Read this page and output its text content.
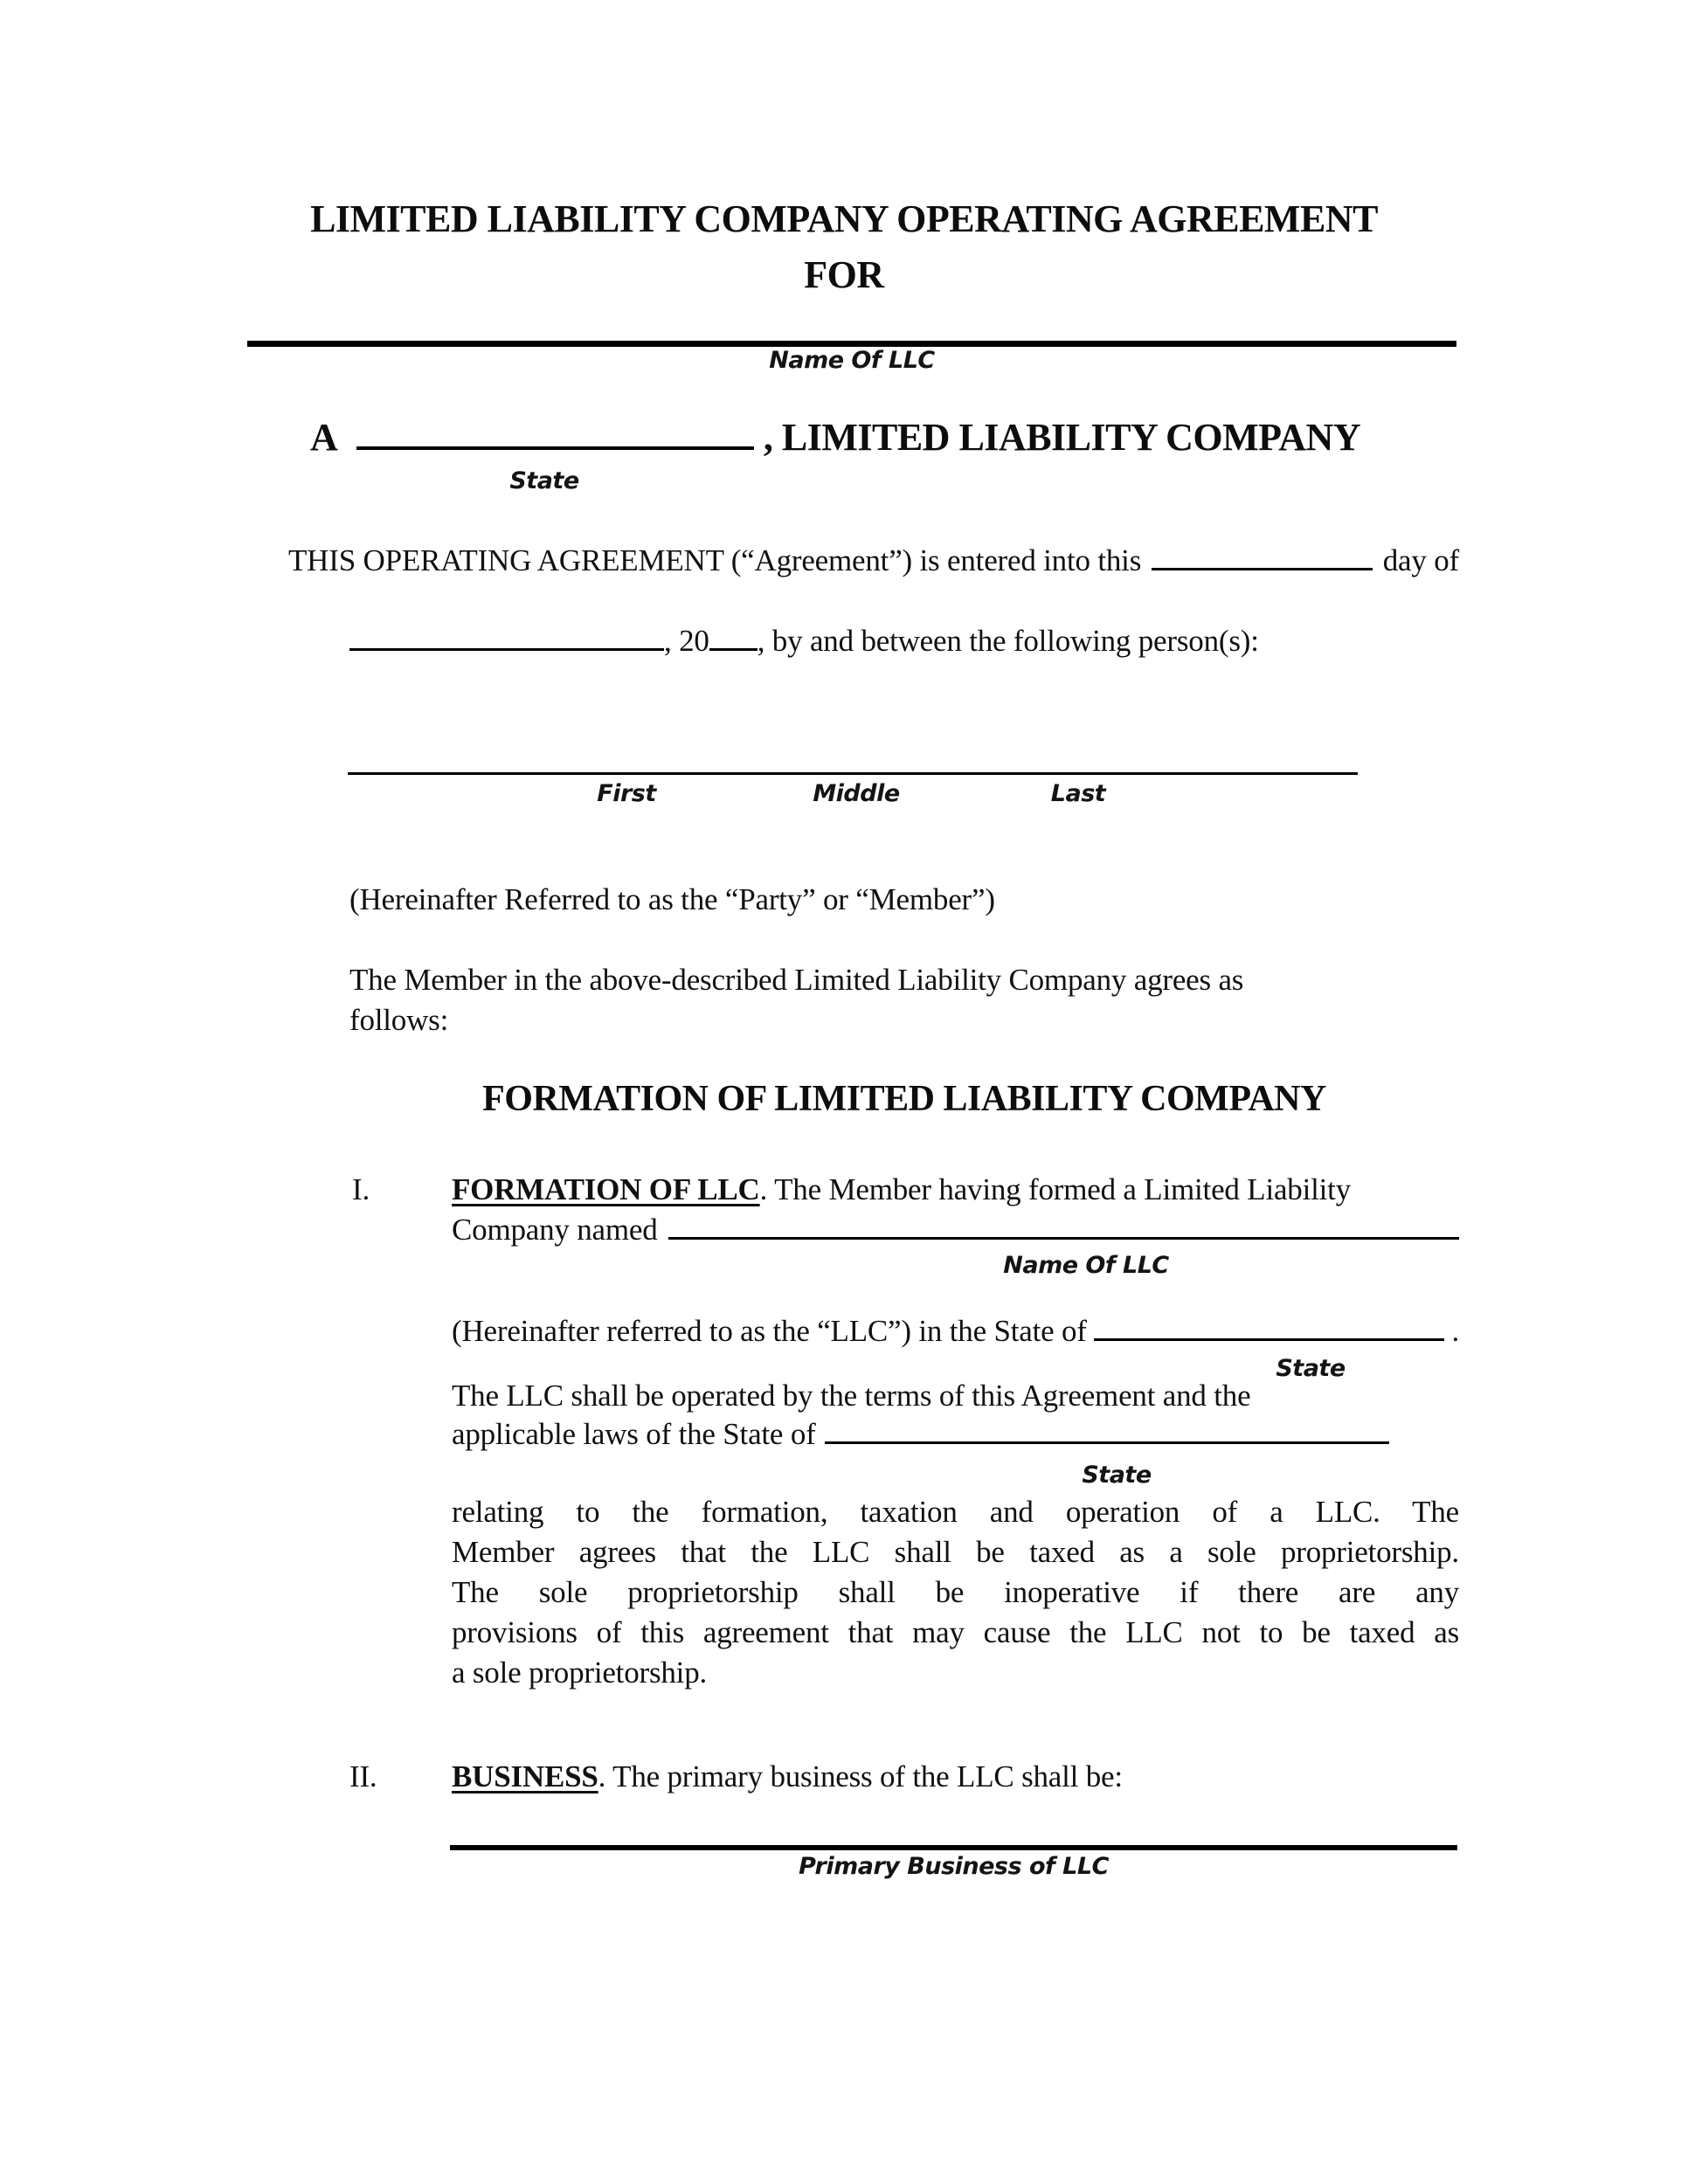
LIMITED LIABILITY COMPANY OPERATING AGREEMENT
FOR
Name Of LLC
A	, LIMITED LIABILITY COMPANY
State
THIS OPERATING AGREEMENT (“Agreement”) is entered into this	day of
, 20 , by and between the following person(s):
First	Middle	Last
(Hereinafter Referred to as the “Party” or “Member”)
The Member in the above-described Limited Liability Company agrees as
follows:
FORMATION OF LIMITED LIABILITY COMPANY
I.	FORMATION OF LLC. The Member having formed a Limited Liability
Company named
Name Of LLC
(Hereinafter referred to as the “LLC”) in the State of	.
State
The LLC shall be operated by the terms of this Agreement and the
applicable laws of the State of
State
relating to the formation, taxation and operation of a LLC. The
Member agrees that the LLC shall be taxed as a sole proprietorship.
The sole proprietorship shall be inoperative if there are any
provisions of this agreement that may cause the LLC not to be taxed as
a sole proprietorship.
II. BUSINESS. The primary business of the LLC shall be:
Primary Business of LLC
